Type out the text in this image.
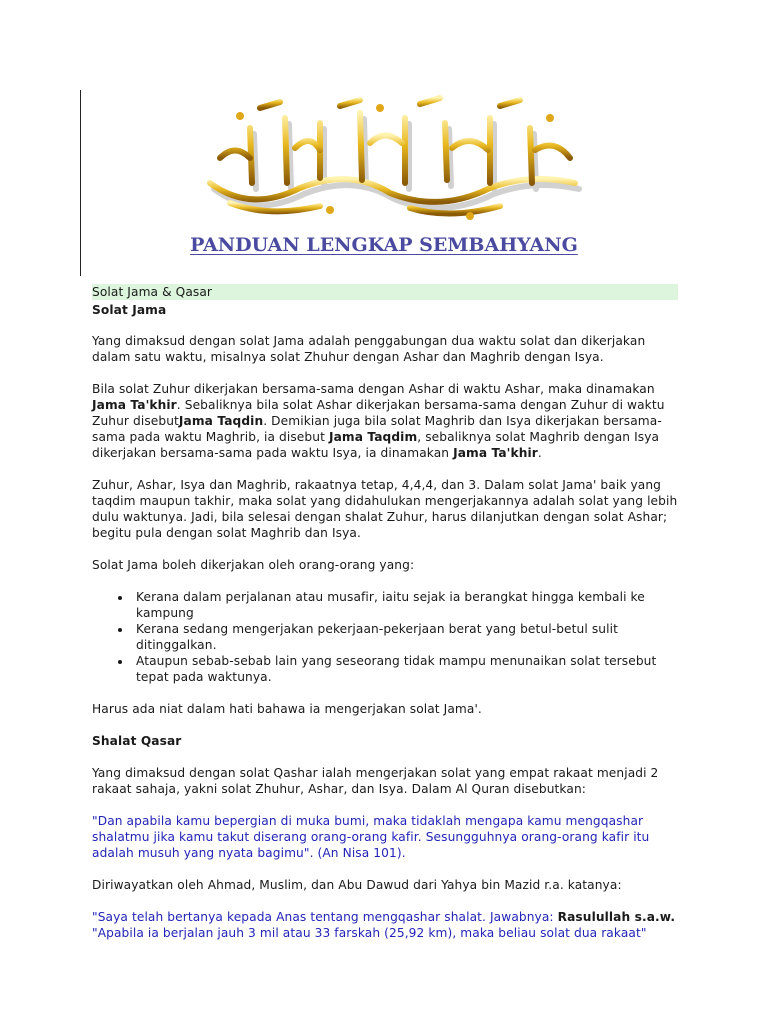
PANDUAN LENGKAP SEMBAHYANG
Solat Jama & Qasar
Solat Jama

Yang dimaksud dengan solat Jama adalah penggabungan dua waktu solat dan dikerjakan dalam satu waktu, misalnya solat Zhuhur dengan Ashar dan Maghrib dengan Isya.

Bila solat Zuhur dikerjakan bersama-sama dengan Ashar di waktu Ashar, maka dinamakan Jama Ta'khir. Sebaliknya bila solat Ashar dikerjakan bersama-sama dengan Zuhur di waktu Zuhur disebutJama Taqdin. Demikian juga bila solat Maghrib dan Isya dikerjakan bersama-sama pada waktu Maghrib, ia disebut Jama Taqdim, sebaliknya solat Maghrib dengan Isya dikerjakan bersama-sama pada waktu Isya, ia dinamakan Jama Ta'khir.

Zuhur, Ashar, Isya dan Maghrib, rakaatnya tetap, 4,4,4, dan 3. Dalam solat Jama' baik yang taqdim maupun takhir, maka solat yang didahulukan mengerjakannya adalah solat yang lebih dulu waktunya. Jadi, bila selesai dengan shalat Zuhur, harus dilanjutkan dengan solat Ashar; begitu pula dengan solat Maghrib dan Isya.

Solat Jama boleh dikerjakan oleh orang-orang yang:

• Kerana dalam perjalanan atau musafir, iaitu sejak ia berangkat hingga kembali ke kampung
• Kerana sedang mengerjakan pekerjaan-pekerjaan berat yang betul-betul sulit ditinggalkan.
• Ataupun sebab-sebab lain yang seseorang tidak mampu menunaikan solat tersebut tepat pada waktunya.

Harus ada niat dalam hati bahawa ia mengerjakan solat Jama'.

Shalat Qasar

Yang dimaksud dengan solat Qashar ialah mengerjakan solat yang empat rakaat menjadi 2 rakaat sahaja, yakni solat Zhuhur, Ashar, dan Isya. Dalam Al Quran disebutkan:

"Dan apabila kamu bepergian di muka bumi, maka tidaklah mengapa kamu mengqashar shalatmu jika kamu takut diserang orang-orang kafir. Sesungguhnya orang-orang kafir itu adalah musuh yang nyata bagimu". (An Nisa 101).

Diriwayatkan oleh Ahmad, Muslim, dan Abu Dawud dari Yahya bin Mazid r.a. katanya:

"Saya telah bertanya kepada Anas tentang mengqashar shalat. Jawabnya: Rasulullah s.a.w. "Apabila ia berjalan jauh 3 mil atau 33 farskah (25,92 km), maka beliau solat dua rakaat"
